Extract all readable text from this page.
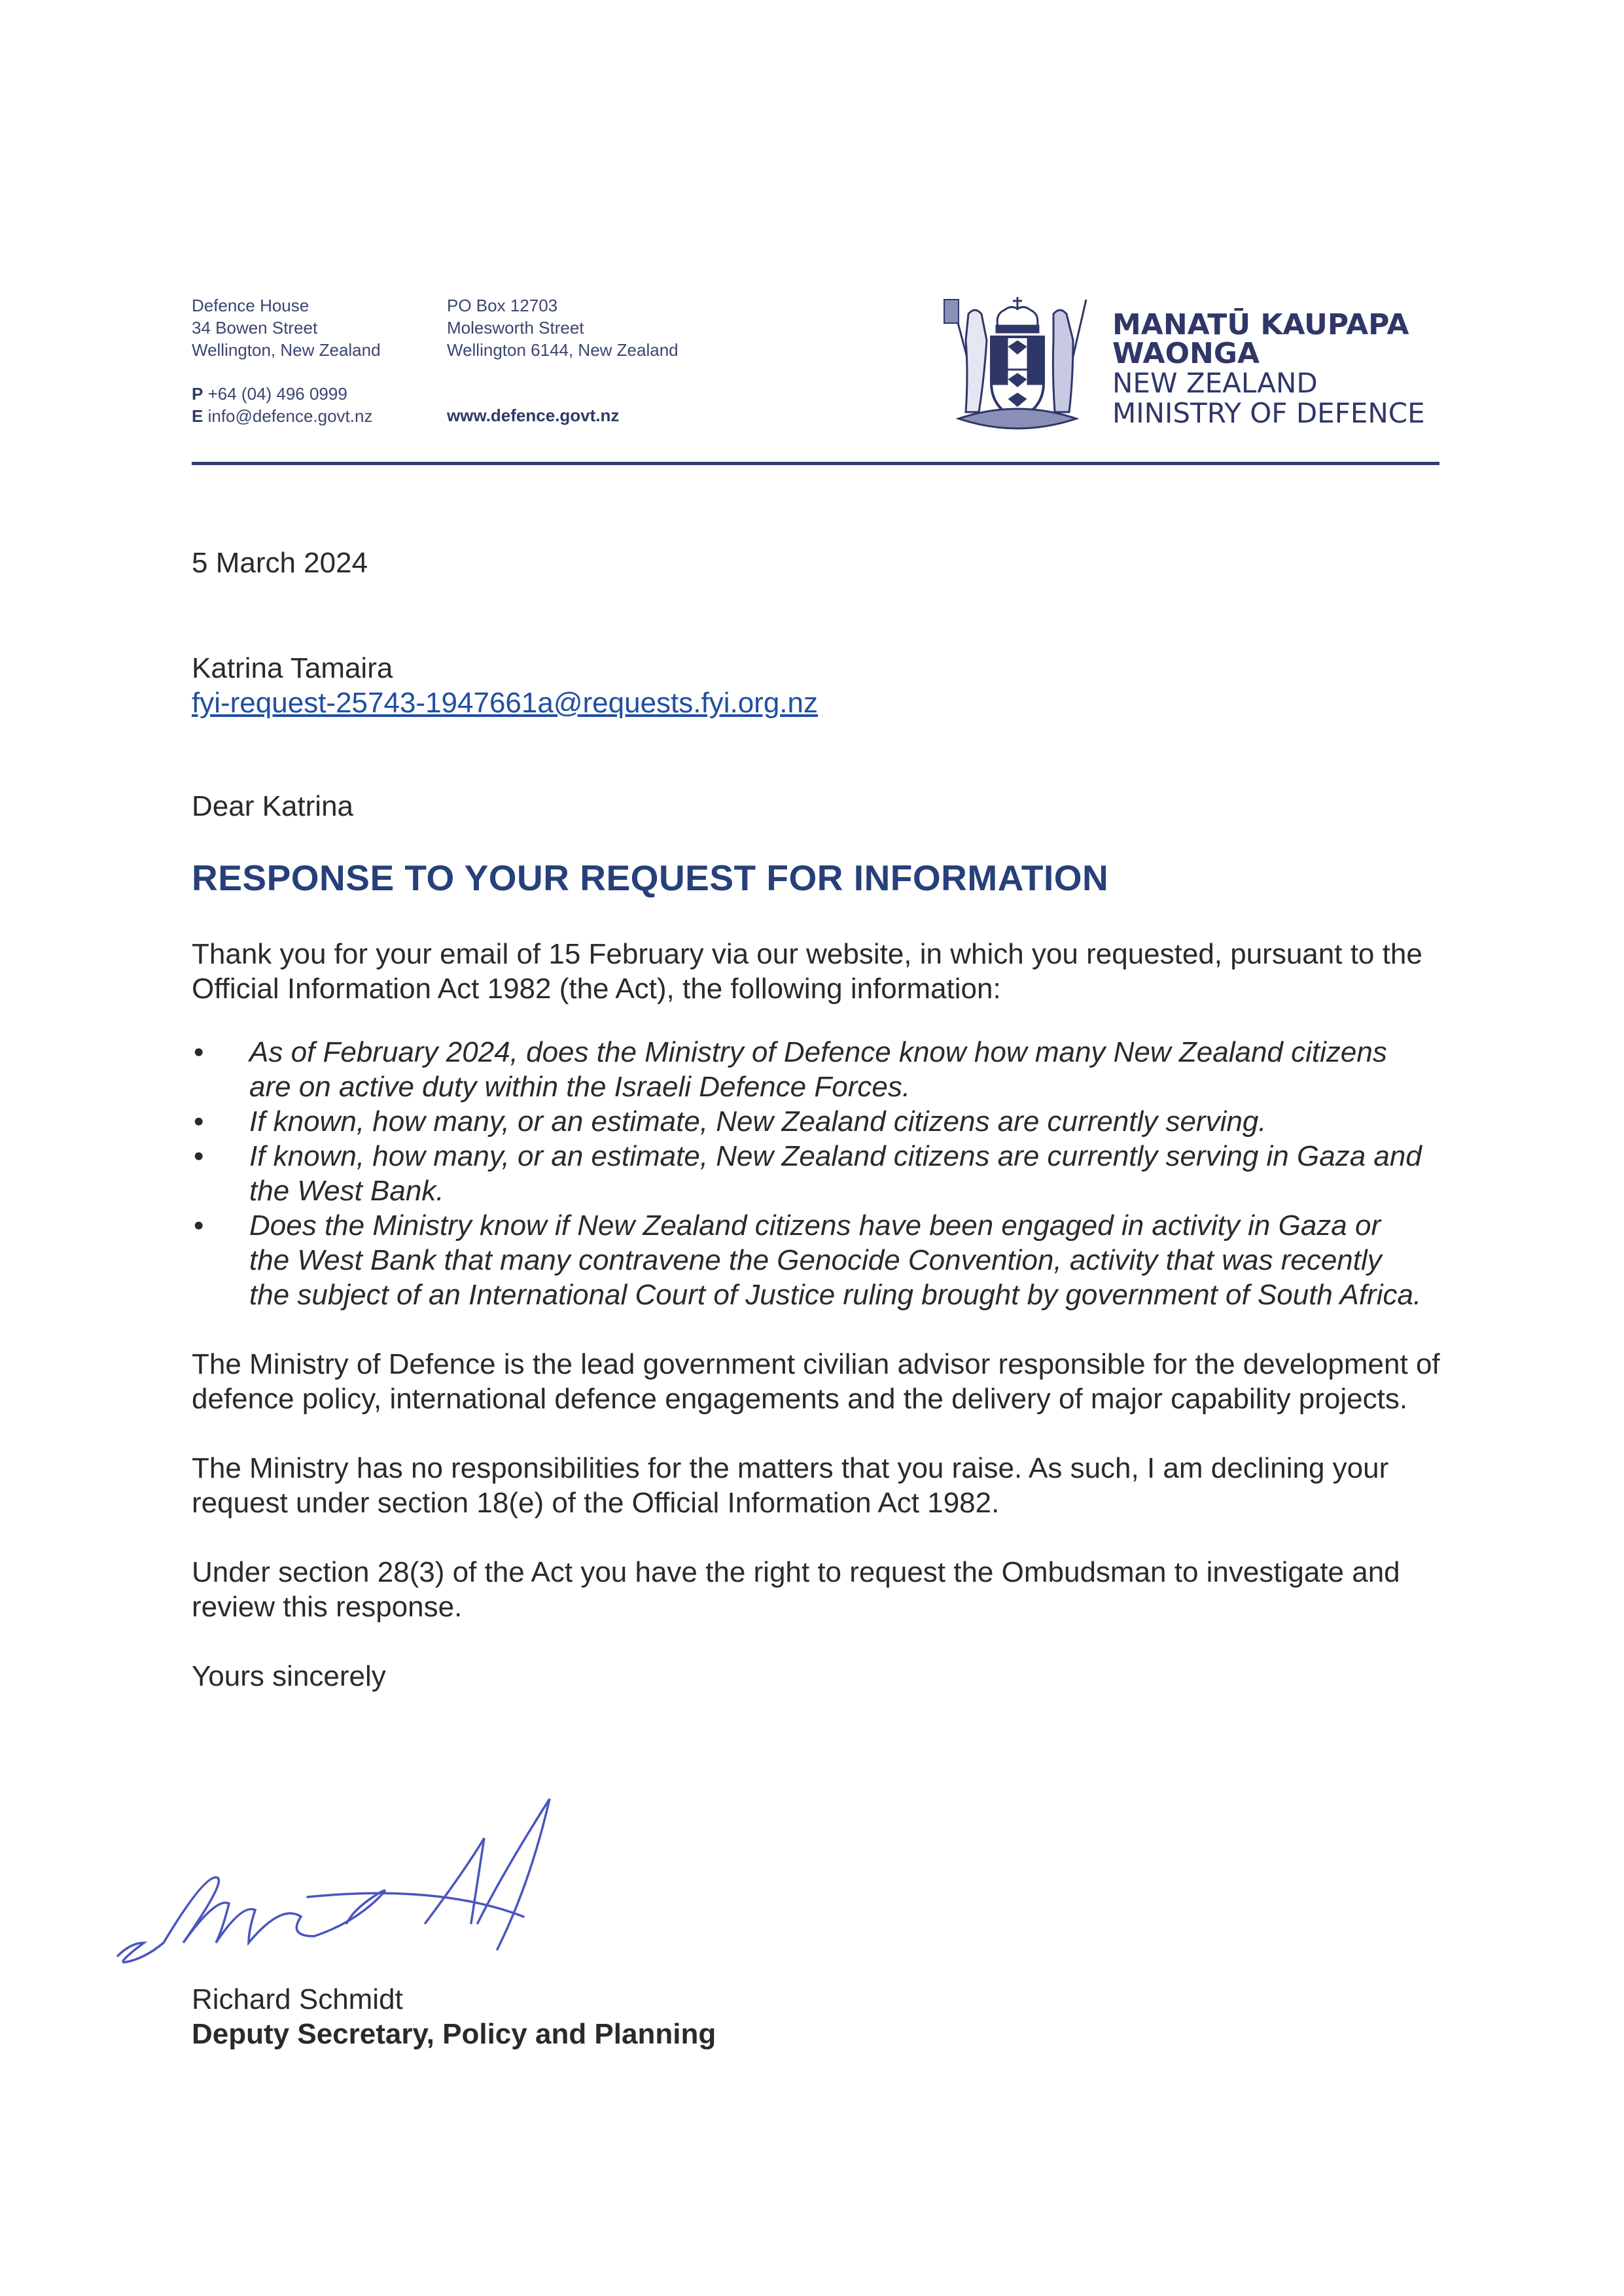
Defence House
34 Bowen Street
Wellington, New Zealand
P +64 (04) 496 0999
E info@defence.govt.nz
PO Box 12703
Molesworth Street
Wellington 6144, New Zealand
www.defence.govt.nz
MANATŪ KAUPAPA
WAONGA
NEW ZEALAND
MINISTRY OF DEFENCE
5 March 2024
Katrina Tamaira
fyi-request-25743-1947661a@requests.fyi.org.nz
Dear Katrina
RESPONSE TO YOUR REQUEST FOR INFORMATION

Thank you for your email of 15 February via our website, in which you requested, pursuant to the Official Information Act 1982 (the Act), the following information:

• As of February 2024, does the Ministry of Defence know how many New Zealand citizens are on active duty within the Israeli Defence Forces.
• If known, how many, or an estimate, New Zealand citizens are currently serving.
• If known, how many, or an estimate, New Zealand citizens are currently serving in Gaza and the West Bank.
• Does the Ministry know if New Zealand citizens have been engaged in activity in Gaza or the West Bank that many contravene the Genocide Convention, activity that was recently the subject of an International Court of Justice ruling brought by government of South Africa.

The Ministry of Defence is the lead government civilian advisor responsible for the development of defence policy, international defence engagements and the delivery of major capability projects.

The Ministry has no responsibilities for the matters that you raise. As such, I am declining your request under section 18(e) of the Official Information Act 1982.

Under section 28(3) of the Act you have the right to request the Ombudsman to investigate and review this response.

Yours sincerely

Richard Schmidt
Deputy Secretary, Policy and Planning
